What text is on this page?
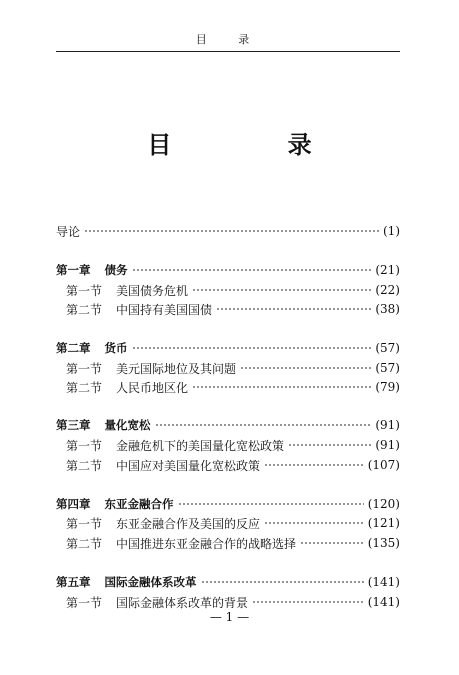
目 录
目 录
导论	(1)
第一章 债务	(21)
第一节 美国债务危机	(22)
第二节 中国持有美国国债	(38)
第二章 货币	(57)
第一节 美元国际地位及其问题	(57)
第二节 人民币地区化	(79)
第三章 量化宽松	(91)
第一节 金融危机下的美国量化宽松政策	(91)
第二节 中国应对美国量化宽松政策	(107)
第四章 东亚金融合作	(120)
第一节 东亚金融合作及美国的反应	(121)
第二节 中国推进东亚金融合作的战略选择	(135)
第五章 国际金融体系改革	(141)
第一节 国际金融体系改革的背景	(141)
— 1 —
